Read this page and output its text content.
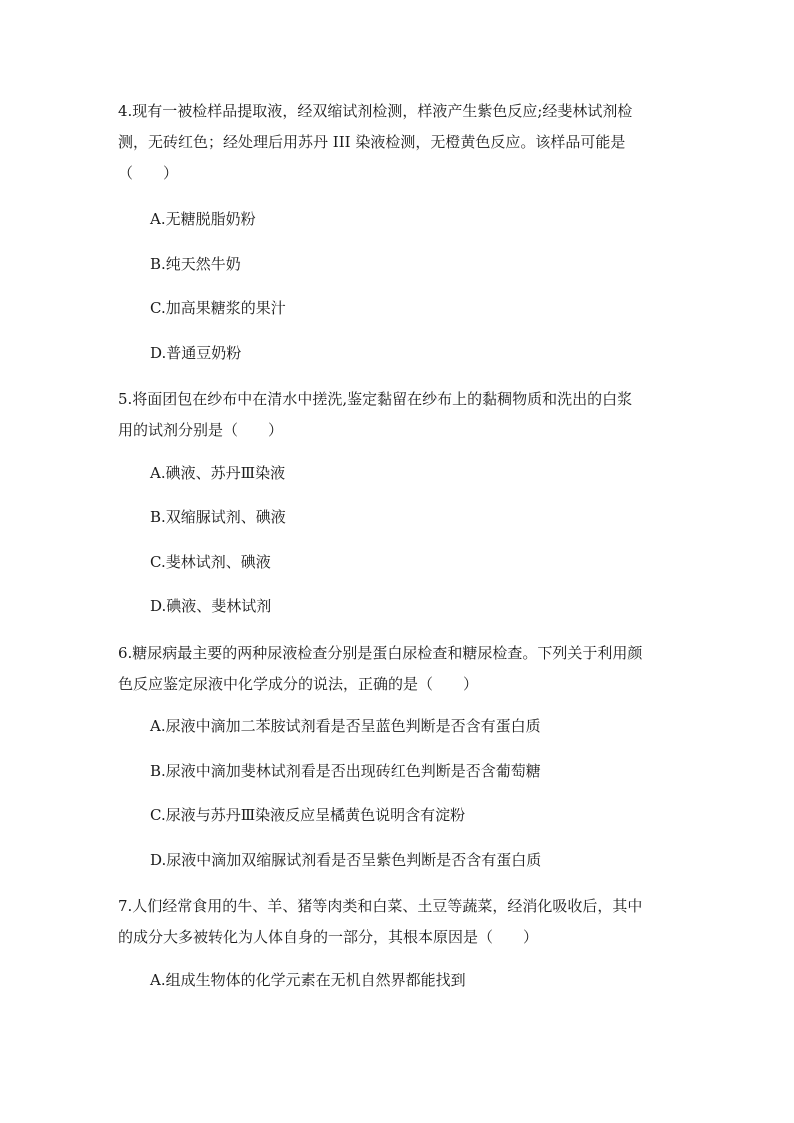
4.现有一被检样品提取液，经双缩试剂检测，样液产生紫色反应;经斐林试剂检
测，无砖红色；经处理后用苏丹 III 染液检测，无橙黄色反应。该样品可能是
（　　）
A.无糖脱脂奶粉
B.纯天然牛奶
C.加高果糖浆的果汁
D.普通豆奶粉
5.将面团包在纱布中在清水中搓洗,鉴定黏留在纱布上的黏稠物质和洗出的白浆
用的试剂分别是（　　）
A.碘液、苏丹Ⅲ染液
B.双缩脲试剂、碘液
C.斐林试剂、碘液
D.碘液、斐林试剂
6.糖尿病最主要的两种尿液检查分别是蛋白尿检查和糖尿检查。下列关于利用颜
色反应鉴定尿液中化学成分的说法，正确的是（　　）
A.尿液中滴加二苯胺试剂看是否呈蓝色判断是否含有蛋白质
B.尿液中滴加斐林试剂看是否出现砖红色判断是否含葡萄糖
C.尿液与苏丹Ⅲ染液反应呈橘黄色说明含有淀粉
D.尿液中滴加双缩脲试剂看是否呈紫色判断是否含有蛋白质
7.人们经常食用的牛、羊、猪等肉类和白菜、土豆等蔬菜，经消化吸收后，其中
的成分大多被转化为人体自身的一部分，其根本原因是（　　）
A.组成生物体的化学元素在无机自然界都能找到
